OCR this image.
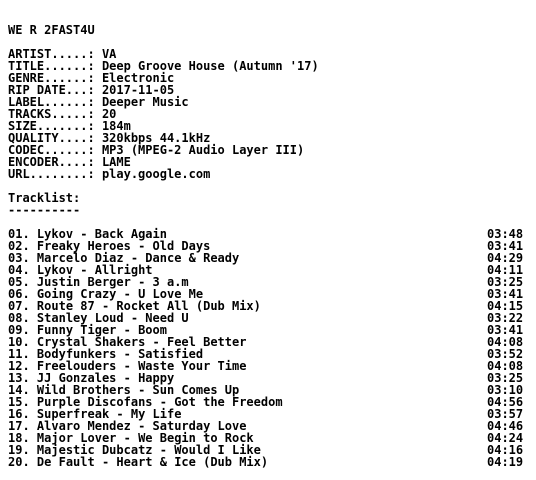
WE R 2FAST4U
ARTIST.....: VA
TITLE......: Deep Groove House (Autumn '17)
GENRE......: Electronic
RIP DATE...: 2017-11-05
LABEL......: Deeper Music
TRACKS.....: 20
SIZE.......: 184m
QUALITY....: 320kbps 44.1kHz
CODEC......: MP3 (MPEG-2 Audio Layer III)
ENCODER....: LAME
URL........: play.google.com
Tracklist:
----------
01. Lykov - Back Again	03:48
02. Freaky Heroes - Old Days	03:41
03. Marcelo Diaz - Dance & Ready	04:29
04. Lykov - Allright	04:11
05. Justin Berger - 3 a.m	03:25
06. Going Crazy - U Love Me	03:41
07. Route 87 - Rocket All (Dub Mix)	04:15
08. Stanley Loud - Need U	03:22
09. Funny Tiger - Boom	03:41
10. Crystal Shakers - Feel Better	04:08
11. Bodyfunkers - Satisfied	03:52
12. Freelouders - Waste Your Time	04:08
13. JJ Gonzales - Happy	03:25
14. Wild Brothers - Sun Comes Up	03:10
15. Purple Discofans - Got the Freedom	04:56
16. Superfreak - My Life	03:57
17. Alvaro Mendez - Saturday Love	04:46
18. Major Lover - We Begin to Rock	04:24
19. Majestic Dubcatz - Would I Like	04:16
20. De Fault - Heart & Ice (Dub Mix)	04:19
